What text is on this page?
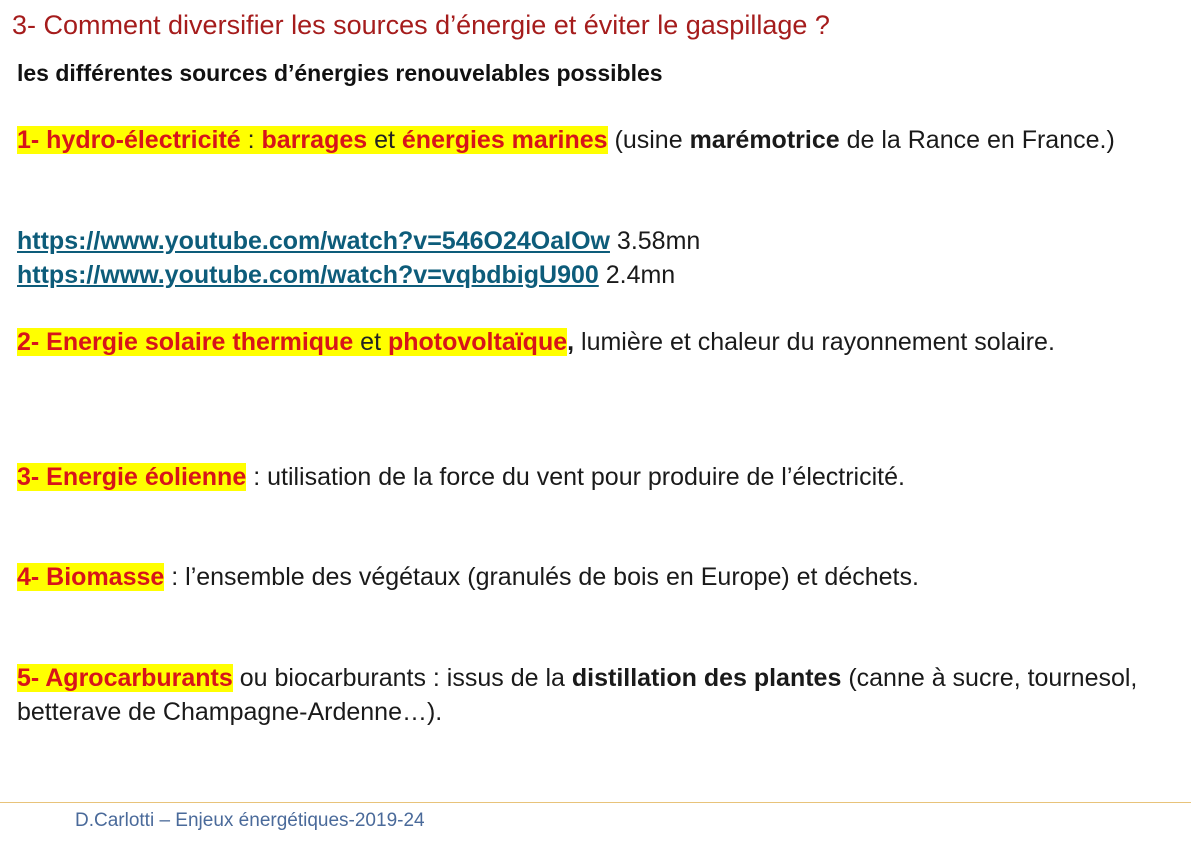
3- Comment diversifier les sources d’énergie et éviter le gaspillage ?
les différentes sources d’énergies renouvelables possibles
1- hydro-électricité : barrages et énergies marines (usine marémotrice de la Rance en France.)
https://www.youtube.com/watch?v=546O24OaIOw 3.58mn
https://www.youtube.com/watch?v=vqbdbigU900 2.4mn
2- Energie solaire thermique et photovoltaïque, lumière et chaleur du rayonnement solaire.
3- Energie éolienne : utilisation de la force du vent pour produire de l’électricité.
4- Biomasse : l’ensemble des végétaux (granulés de bois en Europe) et déchets.
5- Agrocarburants ou biocarburants : issus de la distillation des plantes (canne à sucre, tournesol, betterave de Champagne-Ardenne…).
D.Carlotti – Enjeux énergétiques-2019-24
